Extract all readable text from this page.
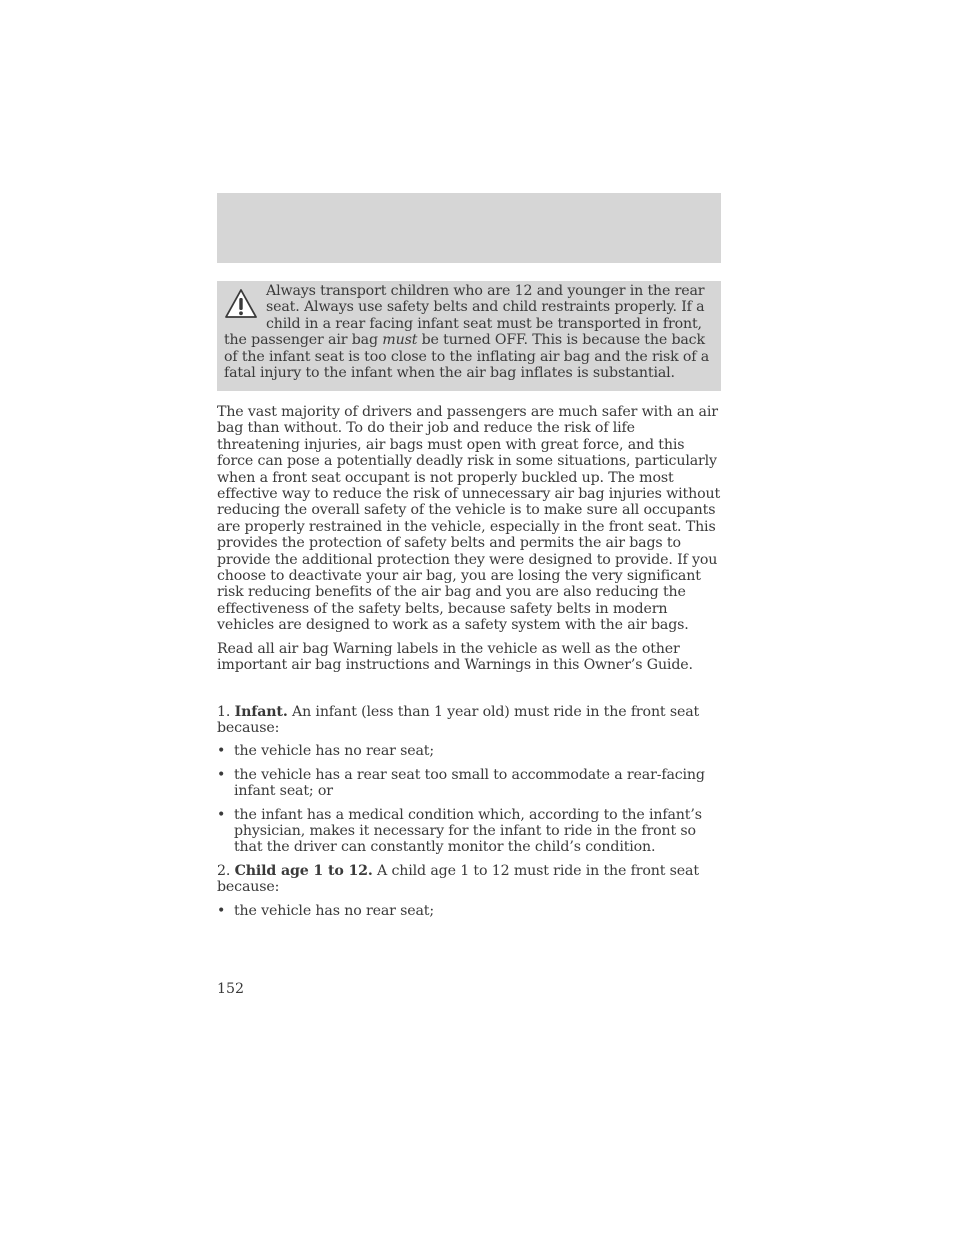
Always transport children who are 12 and younger in the rear seat. Always use safety belts and child restraints properly. If a child in a rear facing infant seat must be transported in front, the passenger air bag must be turned OFF. This is because the back of the infant seat is too close to the inflating air bag and the risk of a fatal injury to the infant when the air bag inflates is substantial.

The vast majority of drivers and passengers are much safer with an air bag than without. To do their job and reduce the risk of life threatening injuries, air bags must open with great force, and this force can pose a potentially deadly risk in some situations, particularly when a front seat occupant is not properly buckled up. The most effective way to reduce the risk of unnecessary air bag injuries without reducing the overall safety of the vehicle is to make sure all occupants are properly restrained in the vehicle, especially in the front seat. This provides the protection of safety belts and permits the air bags to provide the additional protection they were designed to provide. If you choose to deactivate your air bag, you are losing the very significant risk reducing benefits of the air bag and you are also reducing the effectiveness of the safety belts, because safety belts in modern vehicles are designed to work as a safety system with the air bags.

Read all air bag Warning labels in the vehicle as well as the other important air bag instructions and Warnings in this Owner’s Guide.

1. Infant. An infant (less than 1 year old) must ride in the front seat because:

• the vehicle has no rear seat;
• the vehicle has a rear seat too small to accommodate a rear-facing infant seat; or
• the infant has a medical condition which, according to the infant’s physician, makes it necessary for the infant to ride in the front so that the driver can constantly monitor the child’s condition.

2. Child age 1 to 12. A child age 1 to 12 must ride in the front seat because:

• the vehicle has no rear seat;
152
